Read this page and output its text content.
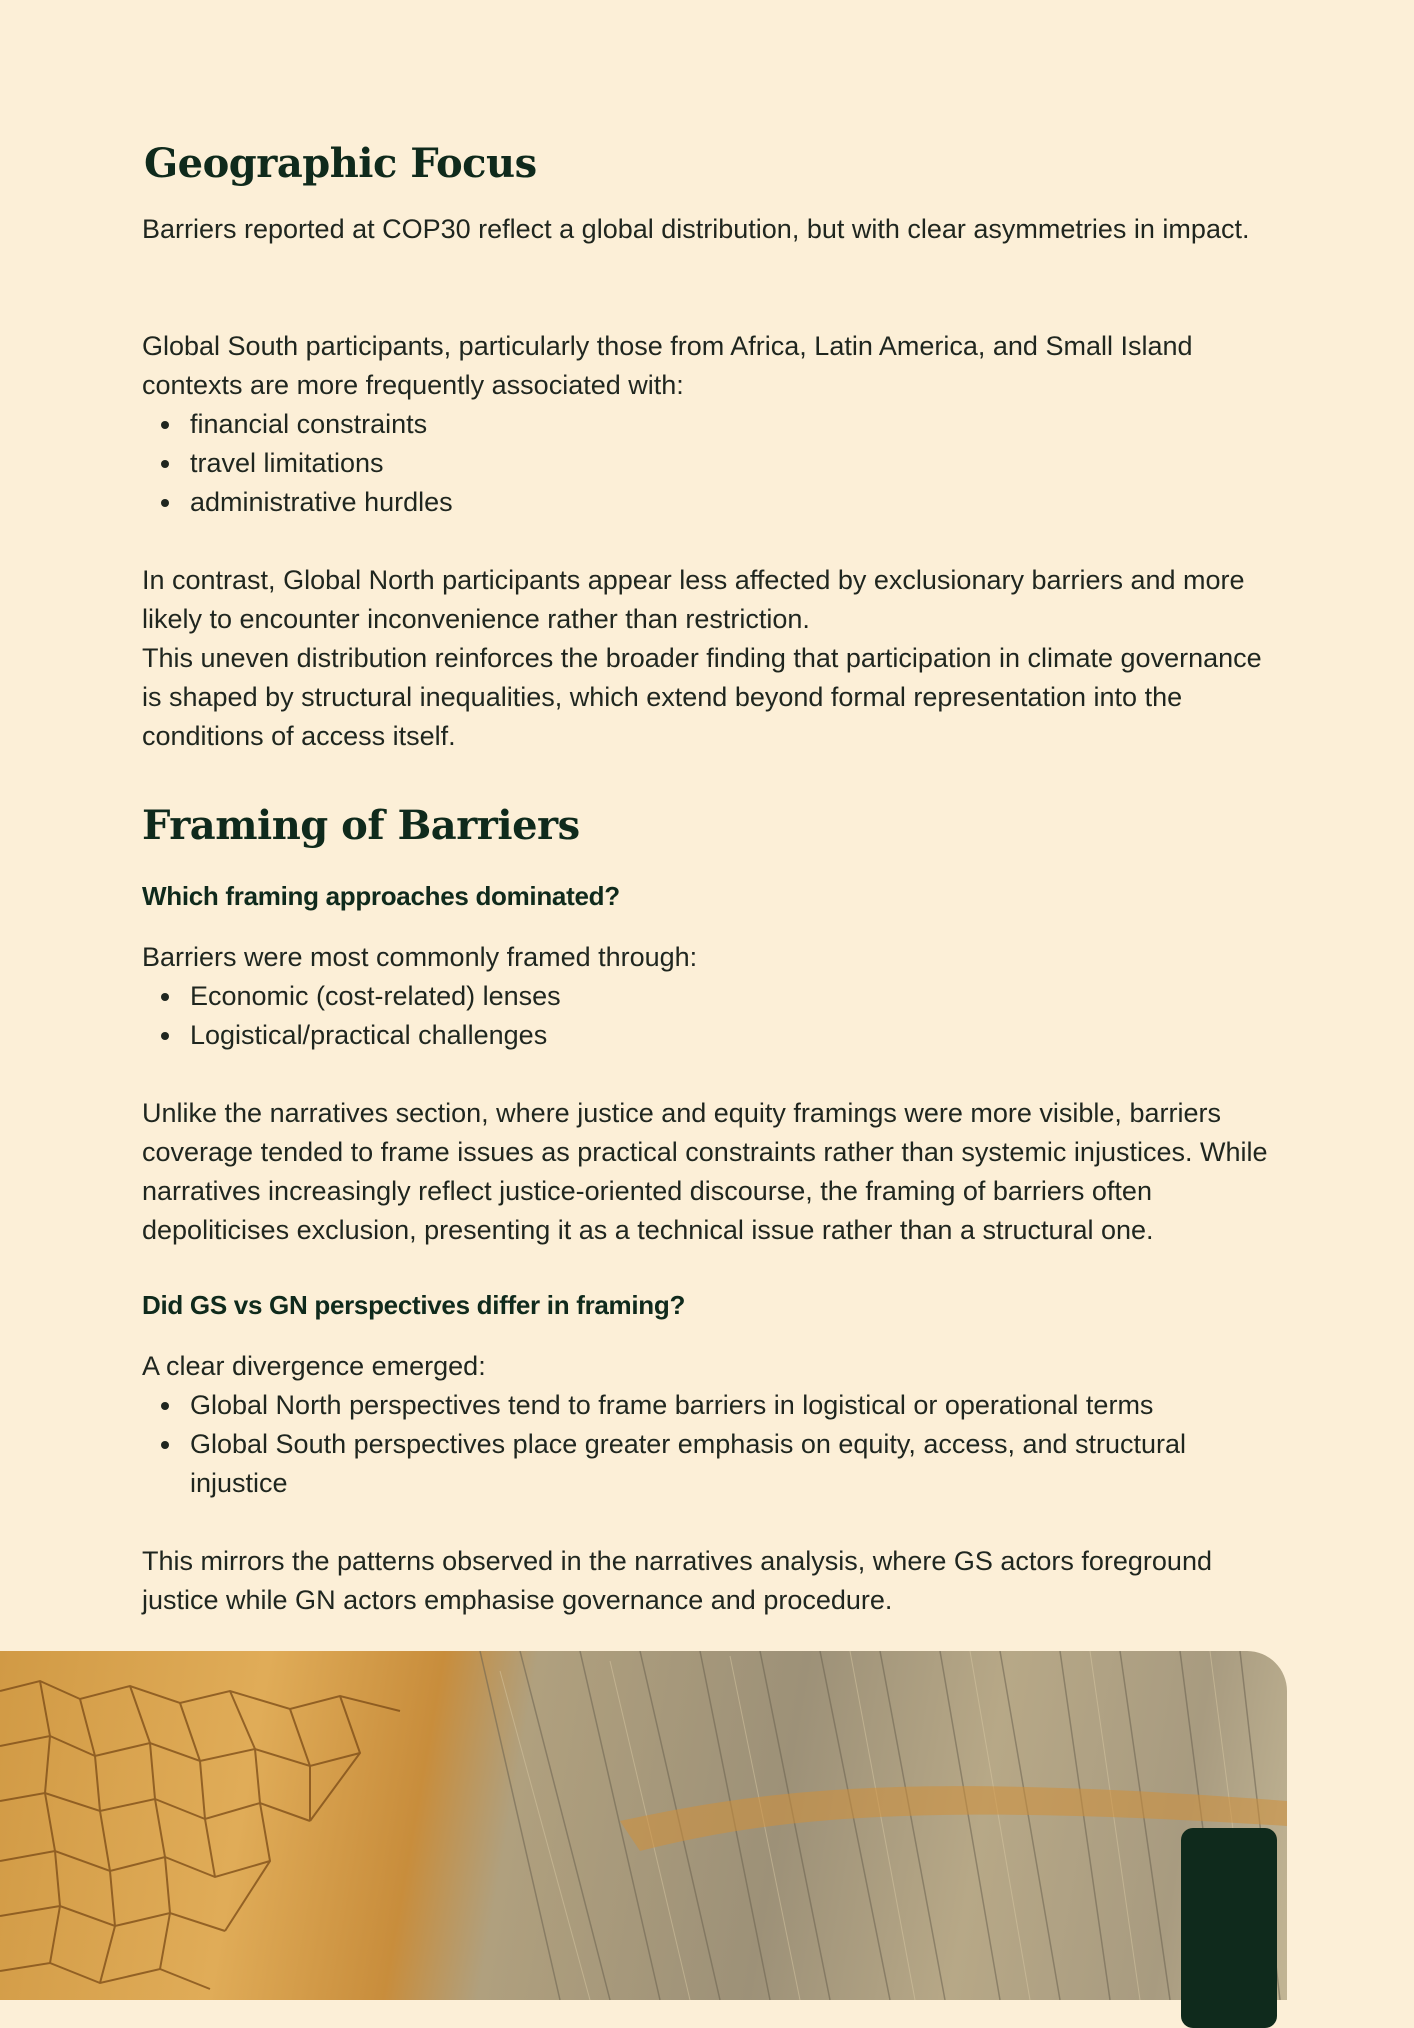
Geographic Focus

Barriers reported at COP30 reflect a global distribution, but with clear asymmetries in impact.

Global South participants, particularly those from Africa, Latin America, and Small Island contexts are more frequently associated with:

financial constraints
travel limitations
administrative hurdles

In contrast, Global North participants appear less affected by exclusionary barriers and more likely to encounter inconvenience rather than restriction.

This uneven distribution reinforces the broader finding that participation in climate governance is shaped by structural inequalities, which extend beyond formal representation into the conditions of access itself.

Framing of Barriers
Which framing approaches dominated?

Barriers were most commonly framed through:

Economic (cost-related) lenses
Logistical/practical challenges

Unlike the narratives section, where justice and equity framings were more visible, barriers coverage tended to frame issues as practical constraints rather than systemic injustices. While narratives increasingly reflect justice-oriented discourse, the framing of barriers often depoliticises exclusion, presenting it as a technical issue rather than a structural one.

Did GS vs GN perspectives differ in framing?

A clear divergence emerged:

Global North perspectives tend to frame barriers in logistical or operational terms
Global South perspectives place greater emphasis on equity, access, and structural injustice

This mirrors the patterns observed in the narratives analysis, where GS actors foreground justice while GN actors emphasise governance and procedure.
